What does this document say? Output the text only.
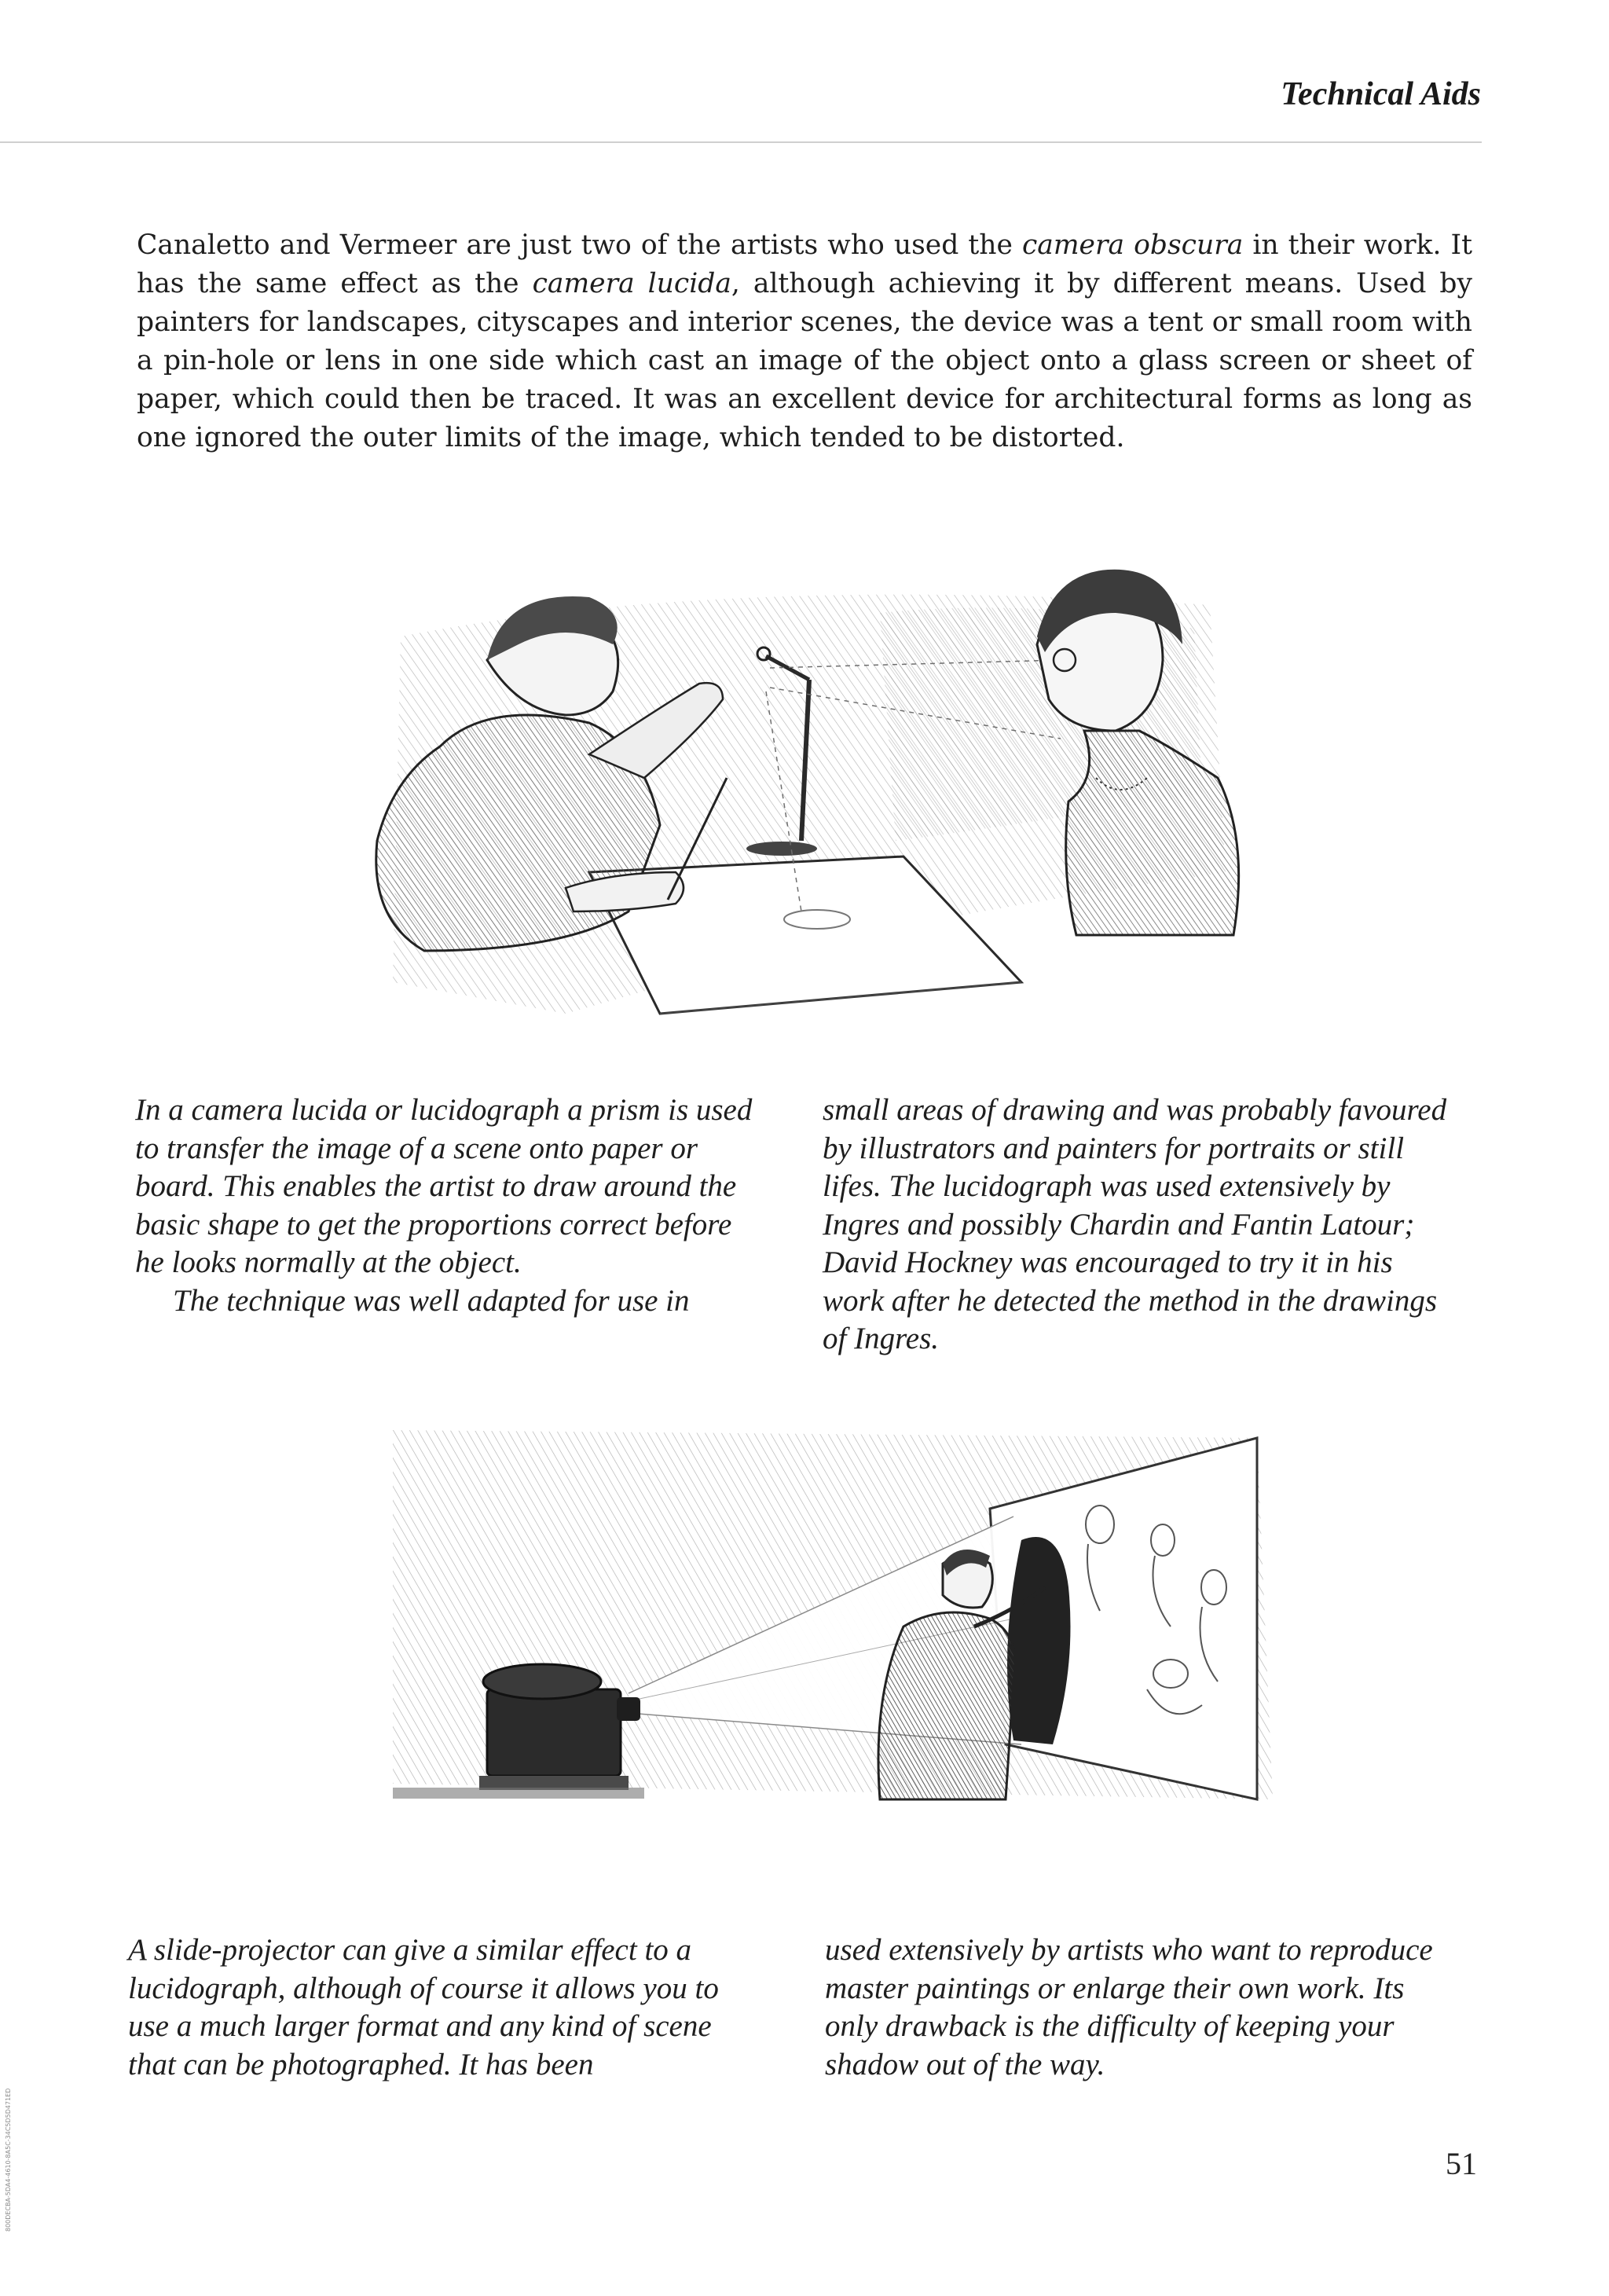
Technical Aids

Canaletto and Vermeer are just two of the artists who used the camera obscura in their work. It has the same effect as the camera lucida, although achieving it by different means. Used by painters for landscapes, cityscapes and interior scenes, the device was a tent or small room with a pin-hole or lens in one side which cast an image of the object onto a glass screen or sheet of paper, which could then be traced. It was an excellent device for architectural forms as long as one ignored the outer limits of the image, which tended to be distorted.

In a camera lucida or lucidograph a prism is used to transfer the image of a scene onto paper or board. This enables the artist to draw around the basic shape to get the proportions correct before he looks normally at the object.

The technique was well adapted for use in

small areas of drawing and was probably favoured by illustrators and painters for portraits or still lifes. The lucidograph was used extensively by Ingres and possibly Chardin and Fantin Latour; David Hockney was encouraged to try it in his work after he detected the method in the drawings of Ingres.

A slide-projector can give a similar effect to a lucidograph, although of course it allows you to use a much larger format and any kind of scene that can be photographed. It has been

used extensively by artists who want to reproduce master paintings or enlarge their own work. Its only drawback is the difficulty of keeping your shadow out of the way.

51
800DECBA-5DA4-4610-8A5C-34C5D5D471ED
